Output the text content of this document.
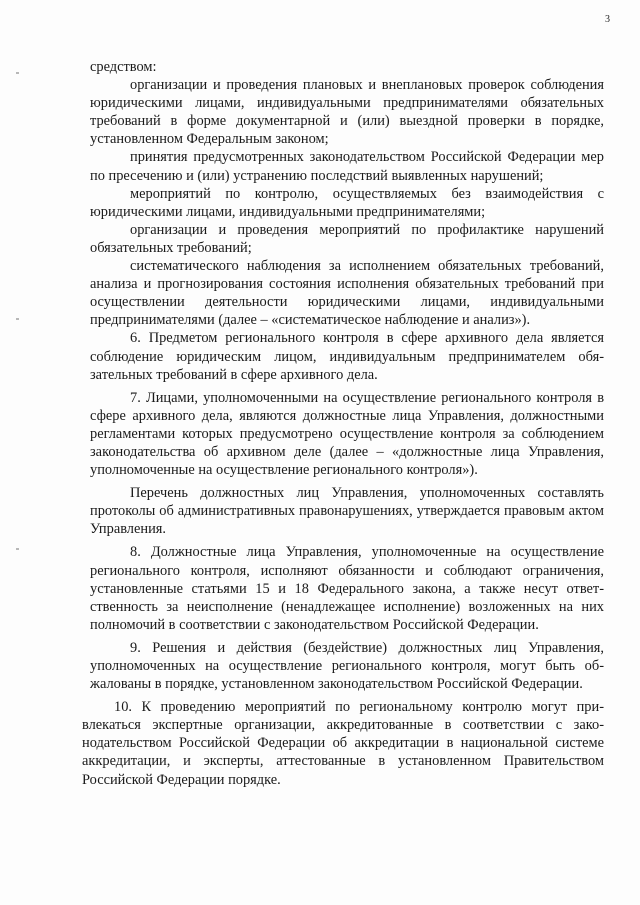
3

средством:

организации и проведения плановых и внеплановых проверок соблюдения юридическими лицами, индивидуальными предпринимателями обязательных требований в форме документарной и (или) выездной проверки в порядке, установленном Федеральным законом;

принятия предусмотренных законодательством Российской Федерации мер по пресечению и (или) устранению последствий выявленных нарушений;

мероприятий по контролю, осуществляемых без взаимодействия с юридическими лицами, индивидуальными предпринимателями;

организации и проведения мероприятий по профилактике нарушений обязательных требований;

систематического наблюдения за исполнением обязательных требований, анализа и прогнозирования состояния исполнения обязательных требований при осуществлении деятельности юридическими лицами, индивидуальными предпринимателями (далее – «систематическое наблюдение и анализ»).

6. Предметом регионального контроля в сфере архивного дела является соблюдение юридическим лицом, индивидуальным предпринимателем обязательных требований в сфере архивного дела.

7. Лицами, уполномоченными на осуществление регионального контроля в сфере архивного дела, являются должностные лица Управления, должностными регламентами которых предусмотрено осуществление контроля за соблюдением законодательства об архивном деле (далее – «должностные лица Управления, уполномоченные на осуществление регионального контроля»).

Перечень должностных лиц Управления, уполномоченных составлять протоколы об административных правонарушениях, утверждается правовым актом Управления.

8. Должностные лица Управления, уполномоченные на осуществление регионального контроля, исполняют обязанности и соблюдают ограничения, установленные статьями 15 и 18 Федерального закона, а также несут ответственность за неисполнение (ненадлежащее исполнение) возложенных на них полномочий в соответствии с законодательством Российской Федерации.

9. Решения и действия (бездействие) должностных лиц Управления, уполномоченных на осуществление регионального контроля, могут быть обжалованы в порядке, установленном законодательством Российской Федерации.

10. К проведению мероприятий по региональному контролю могут привлекаться экспертные организации, аккредитованные в соответствии с законодательством Российской Федерации об аккредитации в национальной системе аккредитации, и эксперты, аттестованные в установленном Правительством Российской Федерации порядке.
